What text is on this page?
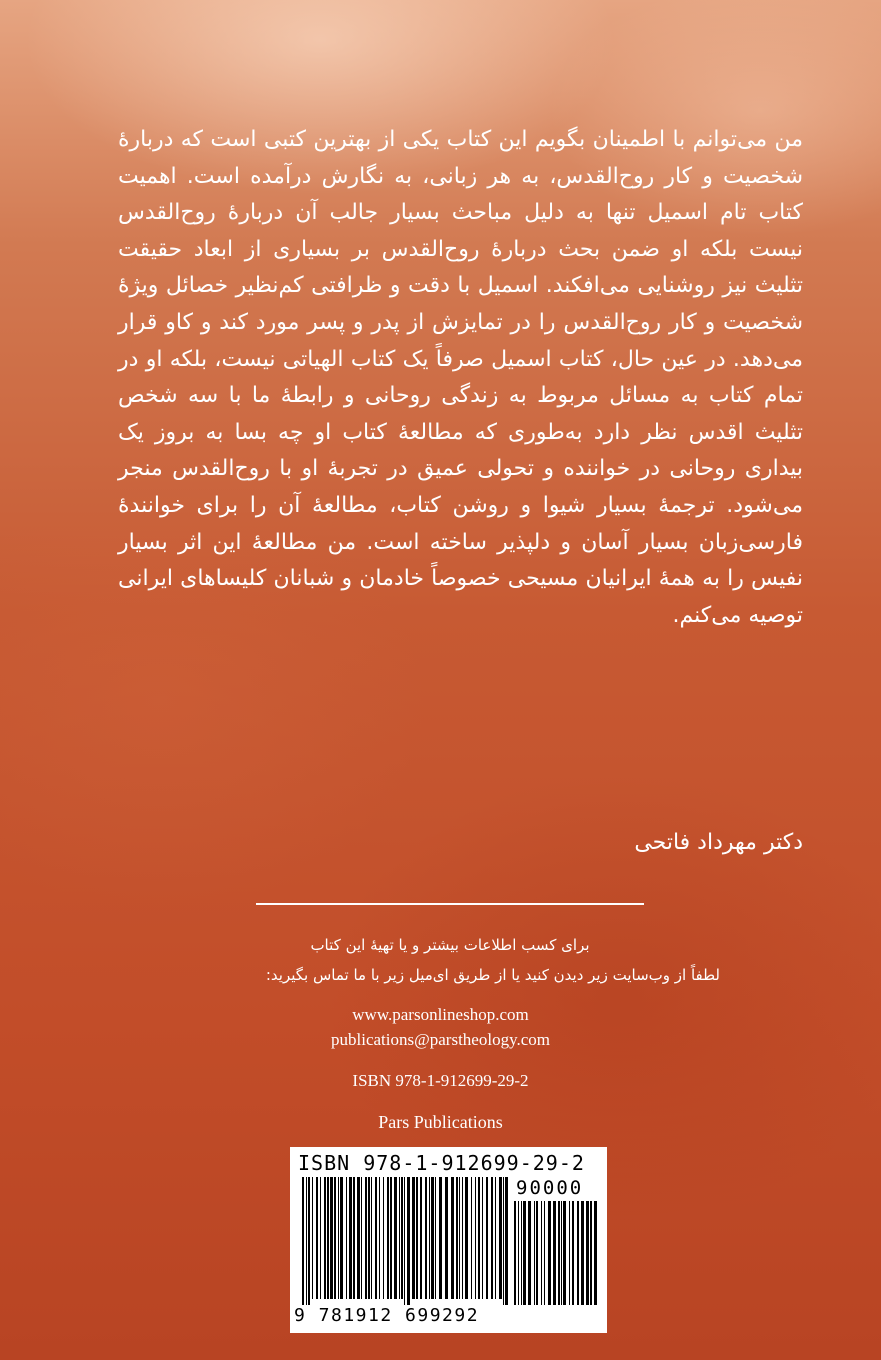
من می‌توانم با اطمینان بگویم این کتاب یکی از بهترین کتبی است که دربارهٔ شخصیت و کار روح‌القدس، به هر زبانی، به نگارش درآمده است. اهمیت کتاب تام اسمیل تنها به دلیل مباحث بسیار جالب آن دربارهٔ روح‌القدس نیست بلکه او ضمن بحث دربارهٔ روح‌القدس بر بسیاری از ابعاد حقیقت تثلیث نیز روشنایی می‌افکند. اسمیل با دقت و ظرافتی کم‌نظیر خصائل ویژهٔ شخصیت و کار روح‌القدس را در تمایزش از پدر و پسر مورد کند و کاو قرار می‌دهد. در عین حال، کتاب اسمیل صرفاً یک کتاب الهیاتی نیست، بلکه او در تمام کتاب به مسائل مربوط به زندگی روحانی و رابطهٔ ما با سه شخص تثلیث اقدس نظر دارد به‌طوری که مطالعهٔ کتاب او چه بسا به بروز یک بیداری روحانی در خواننده و تحولی عمیق در تجربهٔ او با روح‌القدس منجر می‌شود. ترجمهٔ بسیار شیوا و روشن کتاب، مطالعهٔ آن را برای خوانندهٔ فارسی‌زبان بسیار آسان و دلپذیر ساخته است. من مطالعهٔ این اثر بسیار نفیس را به همهٔ ایرانیان مسیحی خصوصاً خادمان و شبانان کلیساهای ایرانی توصیه می‌کنم.
دکتر مهرداد فاتحی
برای کسب اطلاعات بیشتر و یا تهیهٔ این کتاب
لطفاً از وب‌سایت زیر دیدن کنید یا از طریق ای‌میل زیر با ما تماس بگیرید:
www.parsonlineshop.com
publications@parstheology.com
ISBN 978-1-912699-29-2
Pars Publications
ISBN 978-1-912699-29-2
90000
9 781912 699292
